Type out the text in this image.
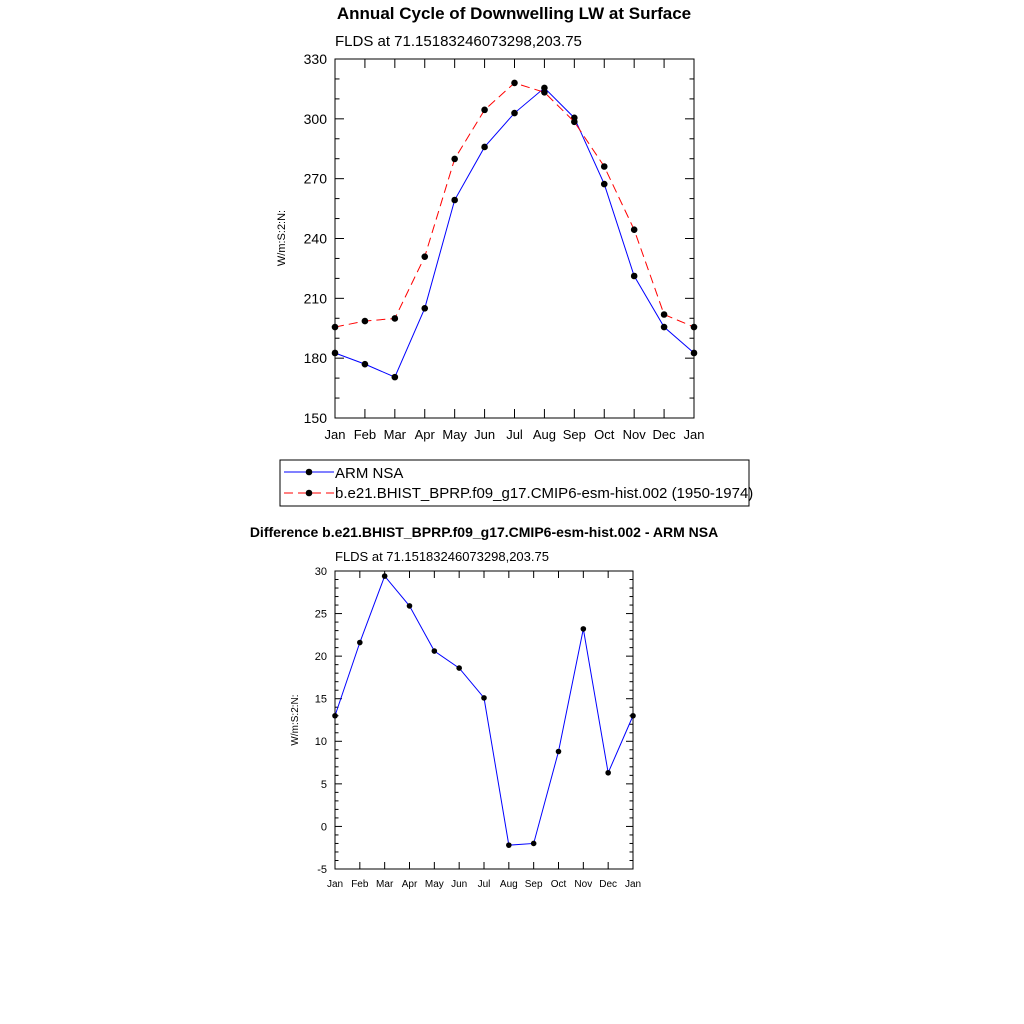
Annual Cycle of Downwelling LW at Surface
FLDS at 71.15183246073298,203.75
W/m:S:2:N:
ARM NSA
b.e21.BHIST_BPRP.f09_g17.CMIP6-esm-hist.002 (1950-1974)
Difference b.e21.BHIST_BPRP.f09_g17.CMIP6-esm-hist.002 - ARM NSA
FLDS at 71.15183246073298,203.75
W/m:S:2:N:
Jan Feb Mar Apr May Jun Jul Aug Sep Oct Nov Dec Jan
150
180
210
240
270
300
330
Jan Feb Mar Apr May Jun Jul Aug Sep Oct Nov Dec Jan
-5
0
5
10
15
20
25
30
